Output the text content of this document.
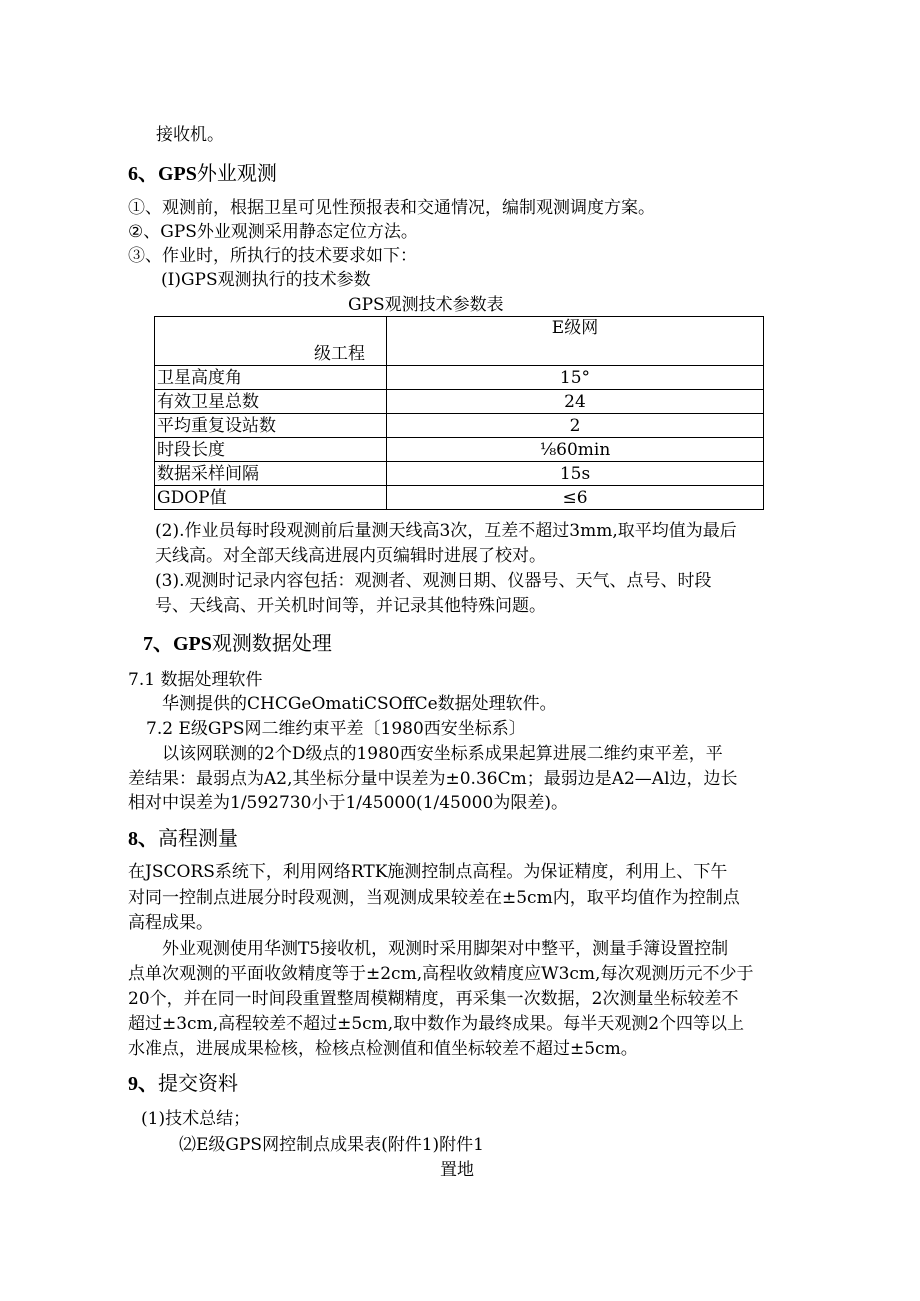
接收机。
6、GPS外业观测
①、观测前，根据卫星可见性预报表和交通情况，编制观测调度方案。
②、GPS外业观测采用静态定位方法。
③、作业时，所执行的技术要求如下：
(I)GPS观测执行的技术参数
GPS观测技术参数表
级工程	E级网
卫星高度角	15°
有效卫星总数	24
平均重复设站数	2
时段长度	⅛60min
数据采样间隔	15s
GDOP值	≤6
(2).作业员每时段观测前后量测天线高3次，互差不超过3mm,取平均值为最后
天线高。对全部天线高进展内页编辑时进展了校对。
(3).观测时记录内容包括：观测者、观测日期、仪器号、天气、点号、时段
号、天线高、开关机时间等，并记录其他特殊问题。
7、GPS观测数据处理
7.1 数据处理软件
华测提供的CHCGeOmatiCSOffCe数据处理软件。
7.2 E级GPS网二维约束平差〔1980西安坐标系〕
以该网联测的2个D级点的1980西安坐标系成果起算进展二维约束平差，平
差结果：最弱点为A2,其坐标分量中误差为±0.36Cm；最弱边是A2—Al边，边长
相对中误差为1/592730小于1/45000(1/45000为限差)。
8、高程测量
在JSCORS系统下，利用网络RTK施测控制点高程。为保证精度，利用上、下午
对同一控制点进展分时段观测，当观测成果较差在±5cm内，取平均值作为控制点
高程成果。
外业观测使用华测T5接收机，观测时采用脚架对中整平，测量手簿设置控制
点单次观测的平面收敛精度等于±2cm,高程收敛精度应W3cm,每次观测历元不少于
20个，并在同一时间段重置整周模糊精度，再采集一次数据，2次测量坐标较差不
超过±3cm,高程较差不超过±5cm,取中数作为最终成果。每半天观测2个四等以上
水准点，进展成果检核，检核点检测值和值坐标较差不超过±5cm。
9、提交资料
(1)技术总结；
⑵E级GPS网控制点成果表(附件1)附件1
置地
